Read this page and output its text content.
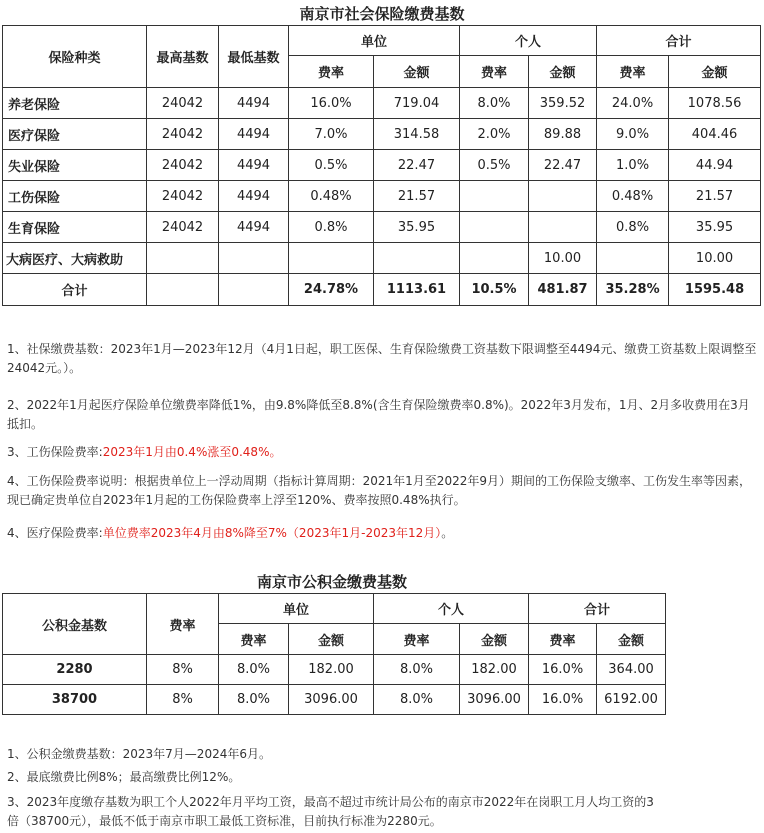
南京市社会保险缴费基数
保险种类	最高基数	最低基数	单位		个人		合计	
			费率	金额	费率	金额	费率	金额
养老保险	24042	4494	16.0%	719.04	8.0%	359.52	24.0%	1078.56
医疗保险	24042	4494	7.0%	314.58	2.0%	89.88	9.0%	404.46
失业保险	24042	4494	0.5%	22.47	0.5%	22.47	1.0%	44.94
工伤保险	24042	4494	0.48%	21.57			0.48%	21.57
生育保险	24042	4494	0.8%	35.95			0.8%	35.95
大病医疗、大病救助						10.00		10.00
合计			24.78%	1113.61	10.5%	481.87	35.28%	1595.48
1、社保缴费基数：2023年1月—2023年12月（4月1日起，职工医保、生育保险缴费工资基数下限调整至4494元、缴费工资基数上限调整至24042元。）。
2、2022年1月起医疗保险单位缴费率降低1%，由9.8%降低至8.8%(含生育保险缴费率0.8%)。2022年3月发布，1月、2月多收费用在3月抵扣。
3、工伤保险费率:2023年1月由0.4%涨至0.48%。
4、工伤保险费率说明：根据贵单位上一浮动周期（指标计算周期：2021年1月至2022年9月）期间的工伤保险支缴率、工伤发生率等因素，现已确定贵单位自2023年1月起的工伤保险费率上浮至120%、费率按照0.48%执行。
4、医疗保险费率:单位费率2023年4月由8%降至7%（2023年1月-2023年12月）。
南京市公积金缴费基数
公积金基数	费率	单位		个人		合计	
		费率	金额	费率	金额	费率	金额
2280	8%	8.0%	182.00	8.0%	182.00	16.0%	364.00
38700	8%	8.0%	3096.00	8.0%	3096.00	16.0%	6192.00
1、公积金缴费基数：2023年7月—2024年6月。
2、最底缴费比例8%；最高缴费比例12%。
3、2023年度缴存基数为职工个人2022年月平均工资，最高不超过市统计局公布的南京市2022年在岗职工月人均工资的3倍（38700元），最低不低于南京市职工最低工资标准，目前执行标准为2280元。
